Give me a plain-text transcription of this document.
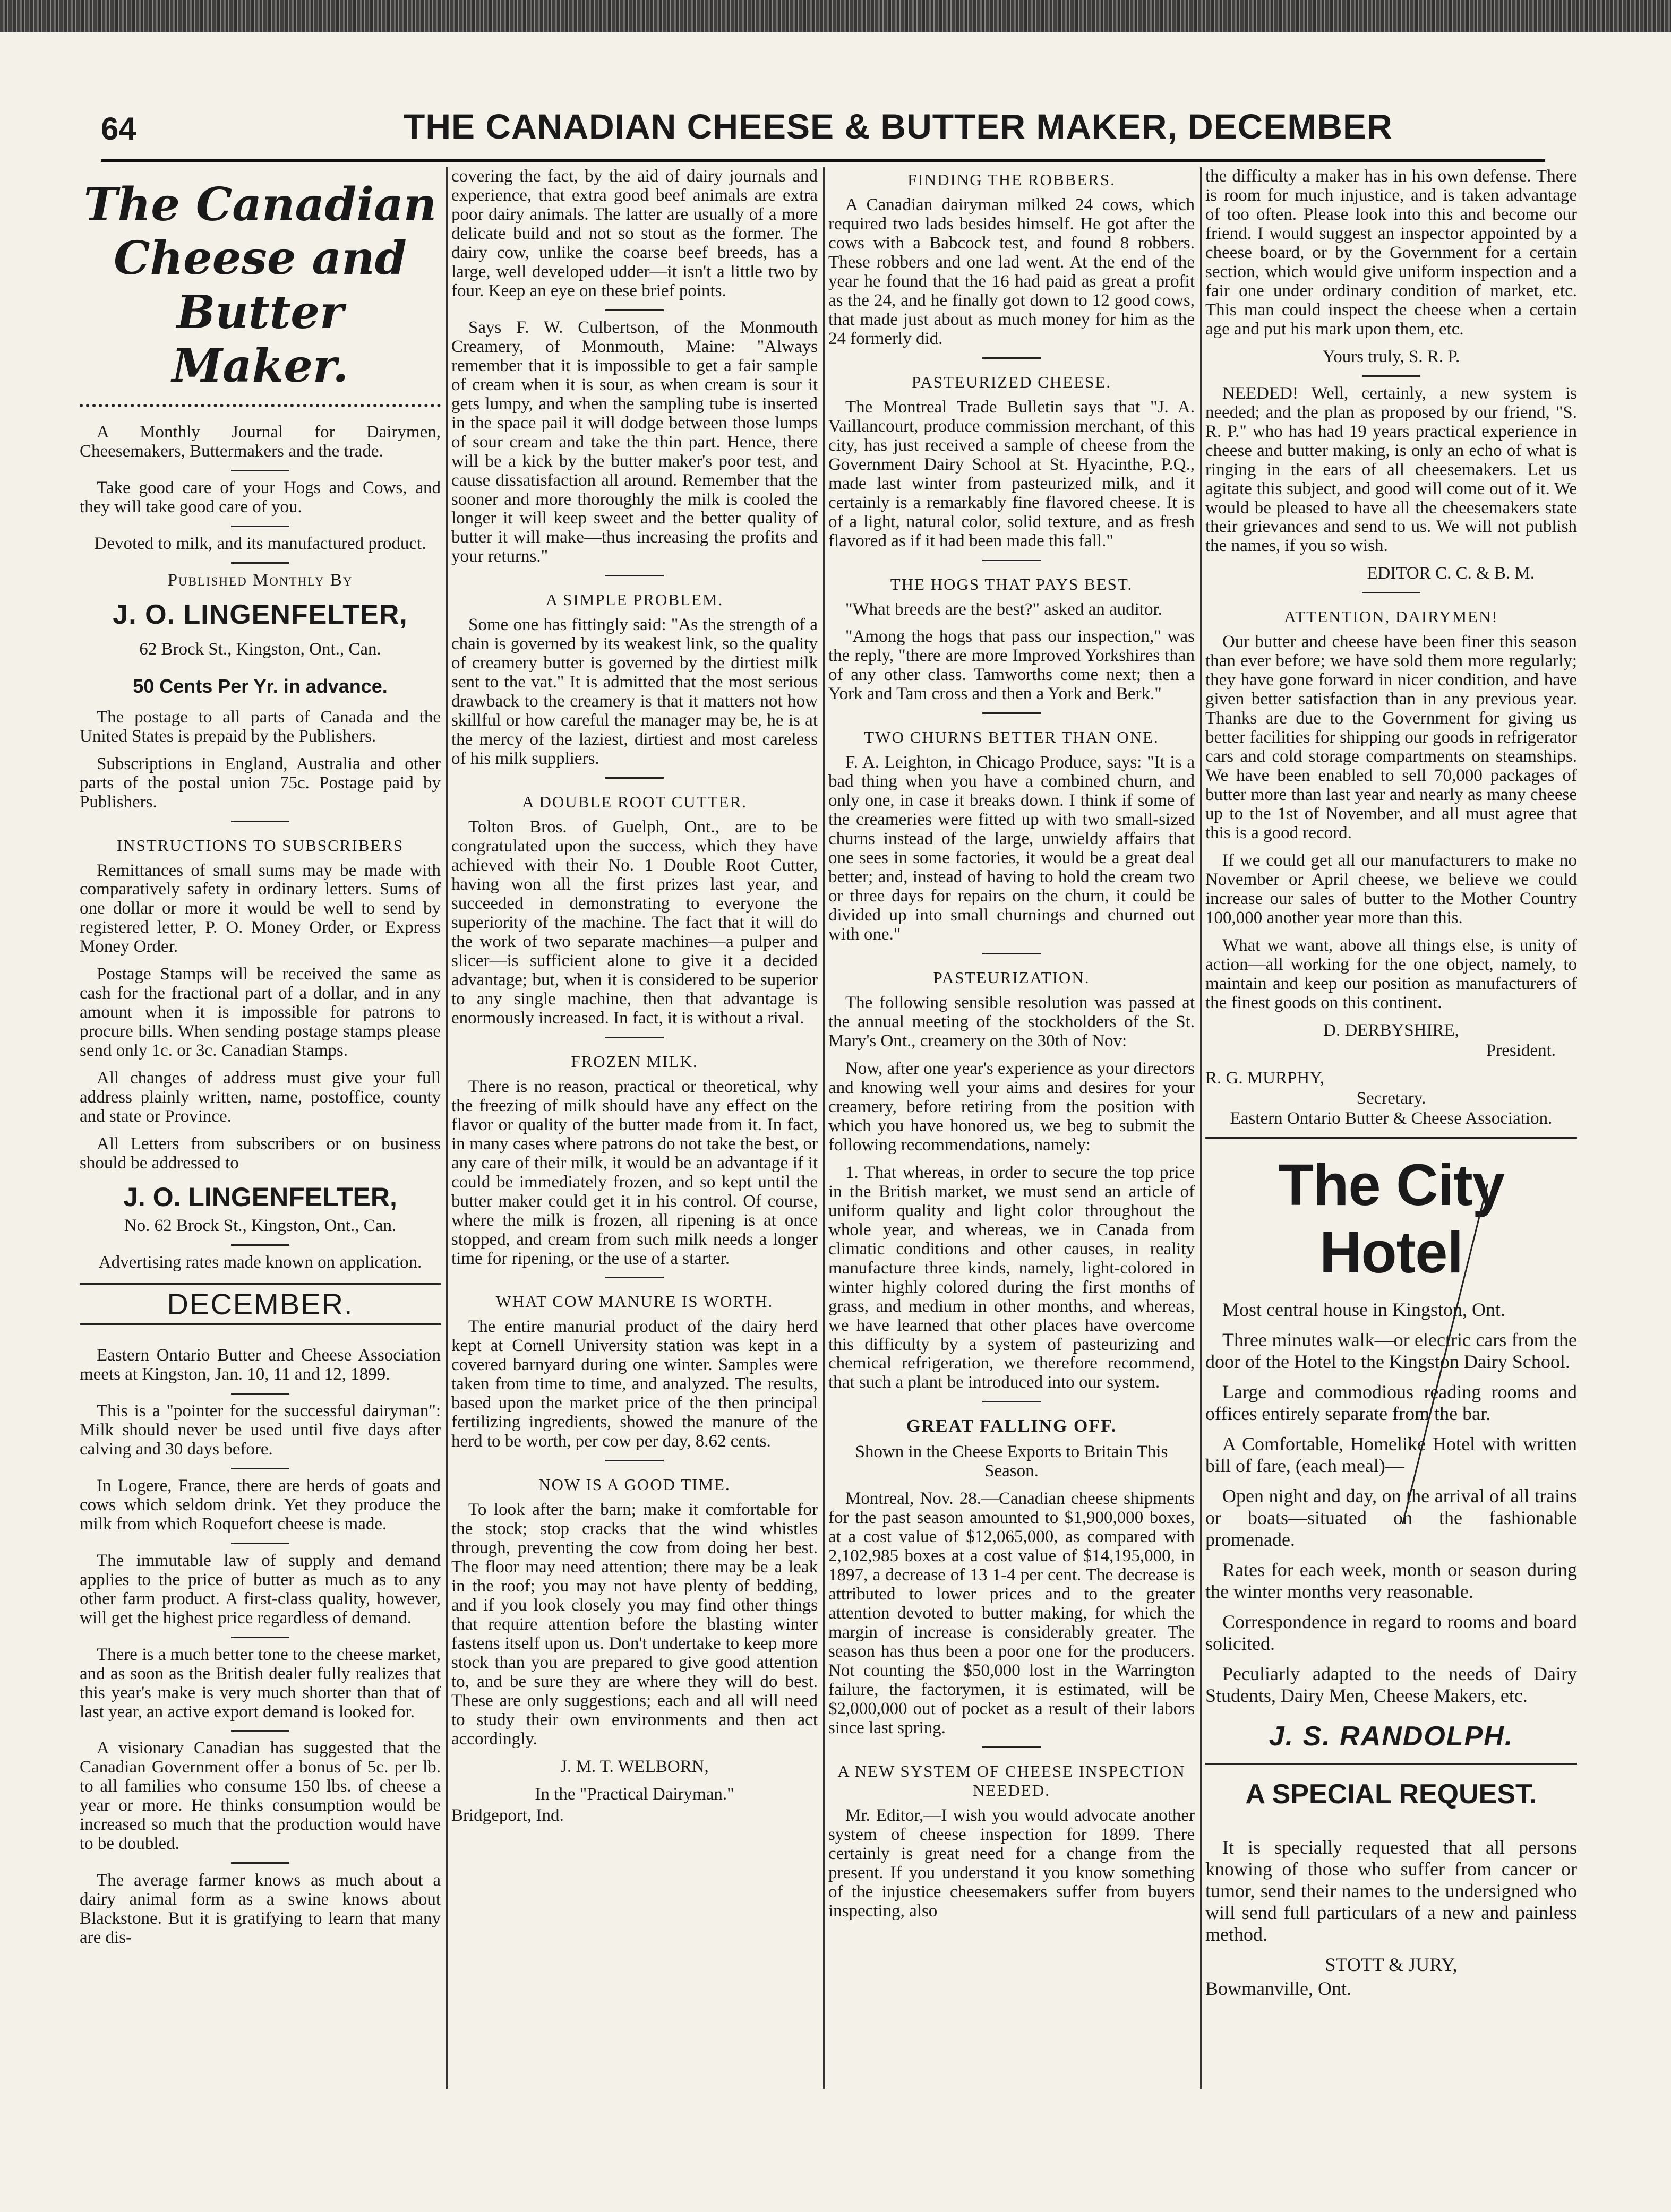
64	THE CANADIAN CHEESE & BUTTER MAKER, DECEMBER
The Canadian
Cheese and Butter
Maker.

A Monthly Journal for Dairymen, Cheesemakers, Buttermakers and the trade.

Take good care of your Hogs and Cows, and they will take good care of you.

Devoted to milk, and its manufactured product.

Published Monthly By

J. O. LINGENFELTER,

62 Brock St., Kingston, Ont., Can.

50 Cents Per Yr. in advance.

The postage to all parts of Canada and the United States is prepaid by the Publishers.

Subscriptions in England, Australia and other parts of the postal union 75c. Postage paid by Publishers.

INSTRUCTIONS TO SUBSCRIBERS

Remittances of small sums may be made with comparatively safety in ordinary letters. Sums of one dollar or more it would be well to send by registered letter, P. O. Money Order, or Express Money Order.

Postage Stamps will be received the same as cash for the fractional part of a dollar, and in any amount when it is impossible for patrons to procure bills. When sending postage stamps please send only 1c. or 3c. Canadian Stamps.

All changes of address must give your full address plainly written, name, postoffice, county and state or Province.

All Letters from subscribers or on business should be addressed to

J. O. LINGENFELTER,

No. 62 Brock St., Kingston, Ont., Can.

Advertising rates made known on application.

DECEMBER.

Eastern Ontario Butter and Cheese Association meets at Kingston, Jan. 10, 11 and 12, 1899.

This is a "pointer for the successful dairyman": Milk should never be used until five days after calving and 30 days before.

In Logere, France, there are herds of goats and cows which seldom drink. Yet they produce the milk from which Roquefort cheese is made.

The immutable law of supply and demand applies to the price of butter as much as to any other farm product. A first-class quality, however, will get the highest price regardless of demand.

There is a much better tone to the cheese market, and as soon as the British dealer fully realizes that this year's make is very much shorter than that of last year, an active export demand is looked for.

A visionary Canadian has suggested that the Canadian Government offer a bonus of 5c. per lb. to all families who consume 150 lbs. of cheese a year or more. He thinks consumption would be increased so much that the production would have to be doubled.

The average farmer knows as much about a dairy animal form as a swine knows about Blackstone. But it is gratifying to learn that many are dis-

covering the fact, by the aid of dairy journals and experience, that extra good beef animals are extra poor dairy animals. The latter are usually of a more delicate build and not so stout as the former. The dairy cow, unlike the coarse beef breeds, has a large, well developed udder—it isn't a little two by four. Keep an eye on these brief points.

Says F. W. Culbertson, of the Monmouth Creamery, of Monmouth, Maine: "Always remember that it is impossible to get a fair sample of cream when it is sour, as when cream is sour it gets lumpy, and when the sampling tube is inserted in the space pail it will dodge between those lumps of sour cream and take the thin part. Hence, there will be a kick by the butter maker's poor test, and cause dissatisfaction all around. Remember that the sooner and more thoroughly the milk is cooled the longer it will keep sweet and the better quality of butter it will make—thus increasing the profits and your returns."

A SIMPLE PROBLEM.

Some one has fittingly said: "As the strength of a chain is governed by its weakest link, so the quality of creamery butter is governed by the dirtiest milk sent to the vat." It is admitted that the most serious drawback to the creamery is that it matters not how skillful or how careful the manager may be, he is at the mercy of the laziest, dirtiest and most careless of his milk suppliers.

A DOUBLE ROOT CUTTER.

Tolton Bros. of Guelph, Ont., are to be congratulated upon the success, which they have achieved with their No. 1 Double Root Cutter, having won all the first prizes last year, and succeeded in demonstrating to everyone the superiority of the machine. The fact that it will do the work of two separate machines—a pulper and slicer—is sufficient alone to give it a decided advantage; but, when it is considered to be superior to any single machine, then that advantage is enormously increased. In fact, it is without a rival.

FROZEN MILK.

There is no reason, practical or theoretical, why the freezing of milk should have any effect on the flavor or quality of the butter made from it. In fact, in many cases where patrons do not take the best, or any care of their milk, it would be an advantage if it could be immediately frozen, and so kept until the butter maker could get it in his control. Of course, where the milk is frozen, all ripening is at once stopped, and cream from such milk needs a longer time for ripening, or the use of a starter.

WHAT COW MANURE IS WORTH.

The entire manurial product of the dairy herd kept at Cornell University station was kept in a covered barnyard during one winter. Samples were taken from time to time, and analyzed. The results, based upon the market price of the then principal fertilizing ingredients, showed the manure of the herd to be worth, per cow per day, 8.62 cents.

NOW IS A GOOD TIME.

To look after the barn; make it comfortable for the stock; stop cracks that the wind whistles through, preventing the cow from doing her best. The floor may need attention; there may be a leak in the roof; you may not have plenty of bedding, and if you look closely you may find other things that require attention before the blasting winter fastens itself upon us. Don't undertake to keep more stock than you are prepared to give good attention to, and be sure they are where they will do best. These are only suggestions; each and all will need to study their own environments and then act accordingly.

J. M. T. WELBORN,

In the "Practical Dairyman."

Bridgeport, Ind.

FINDING THE ROBBERS.

A Canadian dairyman milked 24 cows, which required two lads besides himself. He got after the cows with a Babcock test, and found 8 robbers. These robbers and one lad went. At the end of the year he found that the 16 had paid as great a profit as the 24, and he finally got down to 12 good cows, that made just about as much money for him as the 24 formerly did.

PASTEURIZED CHEESE.

The Montreal Trade Bulletin says that "J. A. Vaillancourt, produce commission merchant, of this city, has just received a sample of cheese from the Government Dairy School at St. Hyacinthe, P.Q., made last winter from pasteurized milk, and it certainly is a remarkably fine flavored cheese. It is of a light, natural color, solid texture, and as fresh flavored as if it had been made this fall."

THE HOGS THAT PAYS BEST.

"What breeds are the best?" asked an auditor.

"Among the hogs that pass our inspection," was the reply, "there are more Improved Yorkshires than of any other class. Tamworths come next; then a York and Tam cross and then a York and Berk."

TWO CHURNS BETTER THAN ONE.

F. A. Leighton, in Chicago Produce, says: "It is a bad thing when you have a combined churn, and only one, in case it breaks down. I think if some of the creameries were fitted up with two small-sized churns instead of the large, unwieldy affairs that one sees in some factories, it would be a great deal better; and, instead of having to hold the cream two or three days for repairs on the churn, it could be divided up into small churnings and churned out with one."

PASTEURIZATION.

The following sensible resolution was passed at the annual meeting of the stockholders of the St. Mary's Ont., creamery on the 30th of Nov:

Now, after one year's experience as your directors and knowing well your aims and desires for your creamery, before retiring from the position with which you have honored us, we beg to submit the following recommendations, namely:

1. That whereas, in order to secure the top price in the British market, we must send an article of uniform quality and light color throughout the whole year, and whereas, we in Canada from climatic conditions and other causes, in reality manufacture three kinds, namely, light-colored in winter highly colored during the first months of grass, and medium in other months, and whereas, we have learned that other places have overcome this difficulty by a system of pasteurizing and chemical refrigeration, we therefore recommend, that such a plant be introduced into our system.

GREAT FALLING OFF.

Shown in the Cheese Exports to Britain This Season.

Montreal, Nov. 28.—Canadian cheese shipments for the past season amounted to $1,900,000 boxes, at a cost value of $12,065,000, as compared with 2,102,985 boxes at a cost value of $14,195,000, in 1897, a decrease of 13 1-4 per cent. The decrease is attributed to lower prices and to the greater attention devoted to butter making, for which the margin of increase is considerably greater. The season has thus been a poor one for the producers. Not counting the $50,000 lost in the Warrington failure, the factorymen, it is estimated, will be $2,000,000 out of pocket as a result of their labors since last spring.

A NEW SYSTEM OF CHEESE INSPECTION NEEDED.

Mr. Editor,—I wish you would advocate another system of cheese inspection for 1899. There certainly is great need for a change from the present. If you understand it you know something of the injustice cheesemakers suffer from buyers inspecting, also

the difficulty a maker has in his own defense. There is room for much injustice, and is taken advantage of too often. Please look into this and become our friend. I would suggest an inspector appointed by a cheese board, or by the Government for a certain section, which would give uniform inspection and a fair one under ordinary condition of market, etc. This man could inspect the cheese when a certain age and put his mark upon them, etc.

Yours truly, S. R. P.

NEEDED! Well, certainly, a new system is needed; and the plan as proposed by our friend, "S. R. P." who has had 19 years practical experience in cheese and butter making, is only an echo of what is ringing in the ears of all cheesemakers. Let us agitate this subject, and good will come out of it. We would be pleased to have all the cheesemakers state their grievances and send to us. We will not publish the names, if you so wish.

EDITOR C. C. & B. M.

ATTENTION, DAIRYMEN!

Our butter and cheese have been finer this season than ever before; we have sold them more regularly; they have gone forward in nicer condition, and have given better satisfaction than in any previous year. Thanks are due to the Government for giving us better facilities for shipping our goods in refrigerator cars and cold storage compartments on steamships. We have been enabled to sell 70,000 packages of butter more than last year and nearly as many cheese up to the 1st of November, and all must agree that this is a good record.

If we could get all our manufacturers to make no November or April cheese, we believe we could increase our sales of butter to the Mother Country 100,000 another year more than this.

What we want, above all things else, is unity of action—all working for the one object, namely, to maintain and keep our position as manufacturers of the finest goods on this continent.

D. DERBYSHIRE,

President.

R. G. MURPHY,

Secretary.

Eastern Ontario Butter & Cheese Association.

The City Hotel

Most central house in Kingston, Ont.

Three minutes walk—or electric cars from the door of the Hotel to the Kingston Dairy School.

Large and commodious reading rooms and offices entirely separate from the bar.

A Comfortable, Homelike Hotel with written bill of fare, (each meal)—

Open night and day, on the arrival of all trains or boats—situated on the fashionable promenade.

Rates for each week, month or season during the winter months very reasonable.

Correspondence in regard to rooms and board solicited.

Peculiarly adapted to the needs of Dairy Students, Dairy Men, Cheese Makers, etc.

J. S. RANDOLPH.
A SPECIAL REQUEST.

It is specially requested that all persons knowing of those who suffer from cancer or tumor, send their names to the undersigned who will send full particulars of a new and painless method.

STOTT & JURY,

Bowmanville, Ont.
